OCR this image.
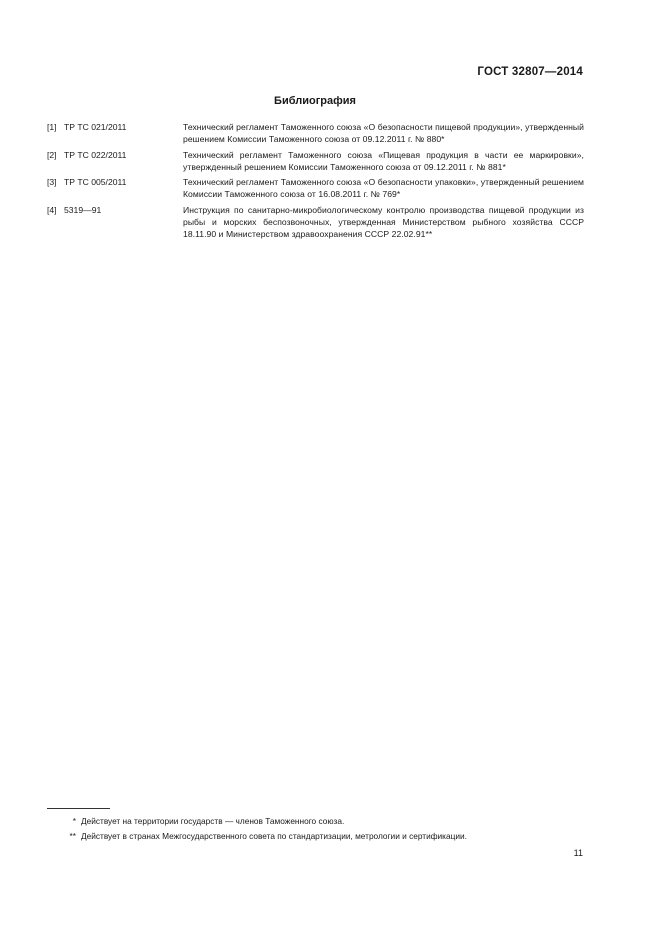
ГОСТ 32807—2014
Библиография
[1] ТР ТС 021/2011	Технический регламент Таможенного союза «О безопасности пищевой продукции», утвержденный решением Комиссии Таможенного союза от 09.12.2011 г. № 880*
[2] ТР ТС 022/2011	Технический регламент Таможенного союза «Пищевая продукция в части ее маркировки», утвержденный решением Комиссии Таможенного союза от 09.12.2011 г. № 881*
[3] ТР ТС 005/2011	Технический регламент Таможенного союза «О безопасности упаковки», утвержденный решением Комиссии Таможенного союза от 16.08.2011 г. № 769*
[4] 5319—91	Инструкция по санитарно-микробиологическому контролю производства пищевой продукции из рыбы и морских беспозвоночных, утвержденная Министерством рыбного хозяйства СССР 18.11.90 и Министерством здравоохранения СССР 22.02.91**
* Действует на территории государств — членов Таможенного союза.
** Действует в странах Межгосударственного совета по стандартизации, метрологии и сертификации.
11
